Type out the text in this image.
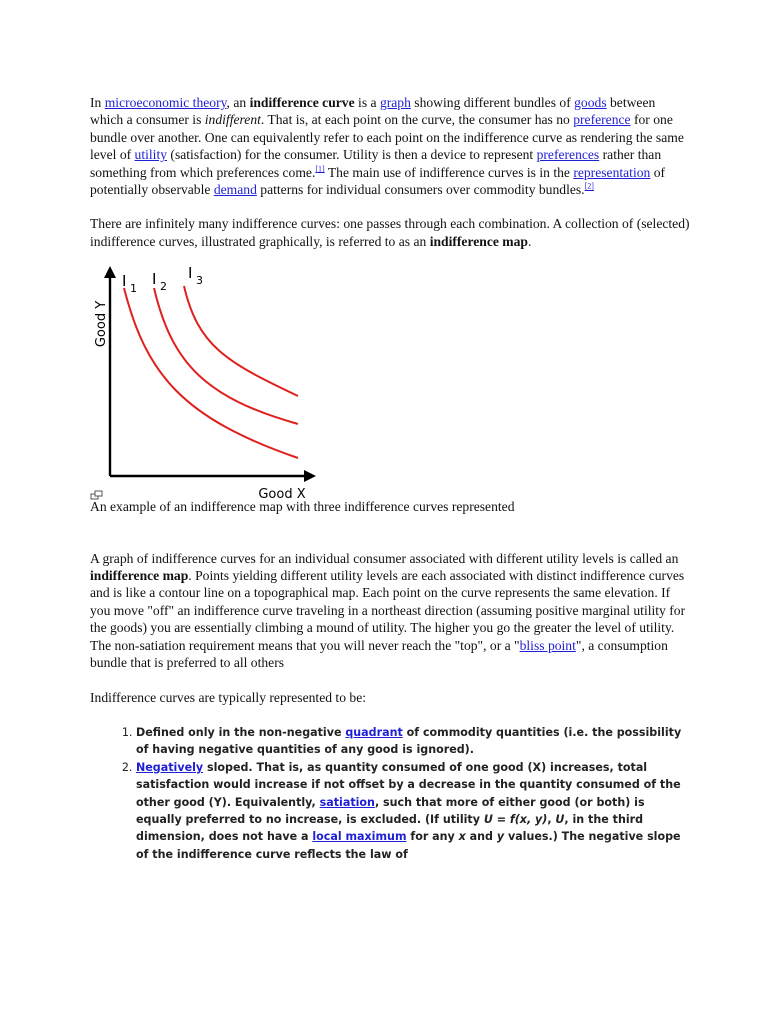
In microeconomic theory, an indifference curve is a graph showing different bundles of goods between which a consumer is indifferent. That is, at each point on the curve, the consumer has no preference for one bundle over another. One can equivalently refer to each point on the indifference curve as rendering the same level of utility (satisfaction) for the consumer. Utility is then a device to represent preferences rather than something from which preferences come.[1] The main use of indifference curves is in the representation of potentially observable demand patterns for individual consumers over commodity bundles.[2]

There are infinitely many indifference curves: one passes through each combination. A collection of (selected) indifference curves, illustrated graphically, is referred to as an indifference map.

I 1
I 2
I 3
Good Y
Good X

An example of an indifference map with three indifference curves represented

A graph of indifference curves for an individual consumer associated with different utility levels is called an indifference map. Points yielding different utility levels are each associated with distinct indifference curves and is like a contour line on a topographical map. Each point on the curve represents the same elevation. If you move "off" an indifference curve traveling in a northeast direction (assuming positive marginal utility for the goods) you are essentially climbing a mound of utility. The higher you go the greater the level of utility. The non-satiation requirement means that you will never reach the "top", or a "bliss point", a consumption bundle that is preferred to all others

Indifference curves are typically represented to be:

1. Defined only in the non-negative quadrant of commodity quantities (i.e. the possibility of having negative quantities of any good is ignored).
2. Negatively sloped. That is, as quantity consumed of one good (X) increases, total satisfaction would increase if not offset by a decrease in the quantity consumed of the other good (Y). Equivalently, satiation, such that more of either good (or both) is equally preferred to no increase, is excluded. (If utility U = f(x, y), U, in the third dimension, does not have a local maximum for any x and y values.) The negative slope of the indifference curve reflects the law of
